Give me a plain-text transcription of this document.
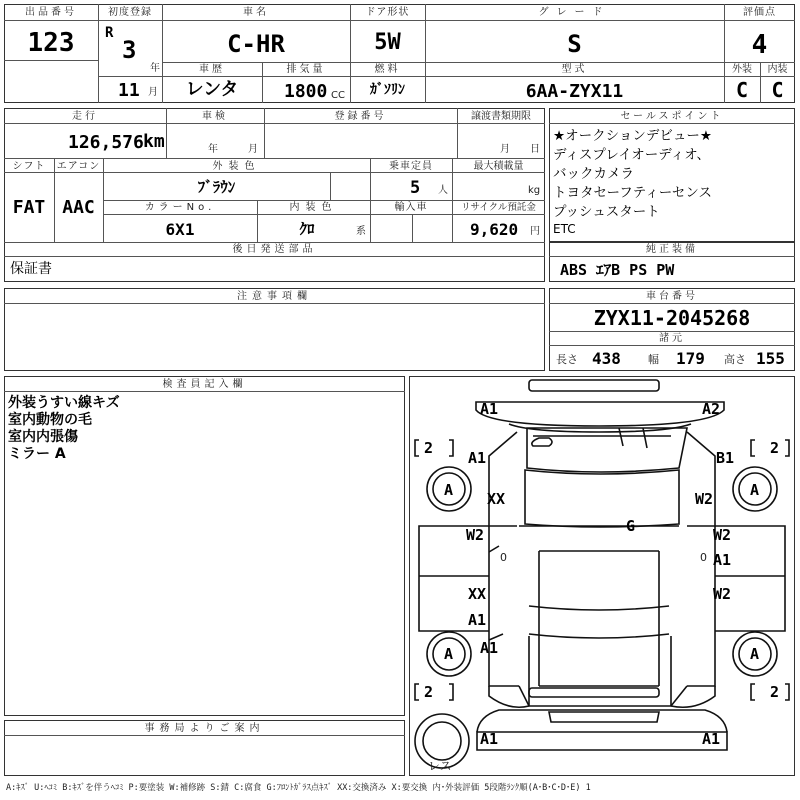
出品番号
123
初度登録
R
3
年
11 月
車名
C-HR
ドア形状
5W
グレード
S
評価点
4
車歴
レンタ
排気量
1800 CC
燃料
ｶﾞｿﾘﾝ
型式
6AA-ZYX11
外装
C
内装
C
走行
126,576 km
車検
年	月
登録番号	譲渡書類期限
月 日
シフト
FAT
エアコン
AAC
外装色
ﾌﾞﾗｳﾝ
乗車定員
5 人
最大積載量
kg
カラーNo.
6X1
内装色
ｸﾛ	系
輸入車	リサイクル預託金
9,620 円
後日発送部品
保証書
セールスポイント
★オークションデビュー★
ディスプレイオーディオ、
バックカメラ
トヨタセーフティーセンス
プッシュスタート
ETC
純正装備
ABS ｴｱB PS PW
注意事項欄	車台番号
ZYX11-2045268
諸元
長さ 438 幅 179 高さ 155
検査員記入欄
外装うすい線キズ
室内動物の毛
室内内張傷
ミラー A
事務局よりご案内
A1	A2
2	2
A1	B1
A	A
XX	W2
G
W2	W2
0	0 A1
XX	W2
A1
A1
A	A
2	2
A1	A1
レス
A:ｷｽﾞ U:ﾍｺﾐ B:ｷｽﾞを伴うﾍｺﾐ P:要塗装 W:補修跡 S:錆 C:腐食 G:ﾌﾛﾝﾄｶﾞﾗｽ点ｷｽﾞ XX:交換済み X:要交換 内･外装評価 5段階ﾗﾝｸ順(A･B･C･D･E) 1
